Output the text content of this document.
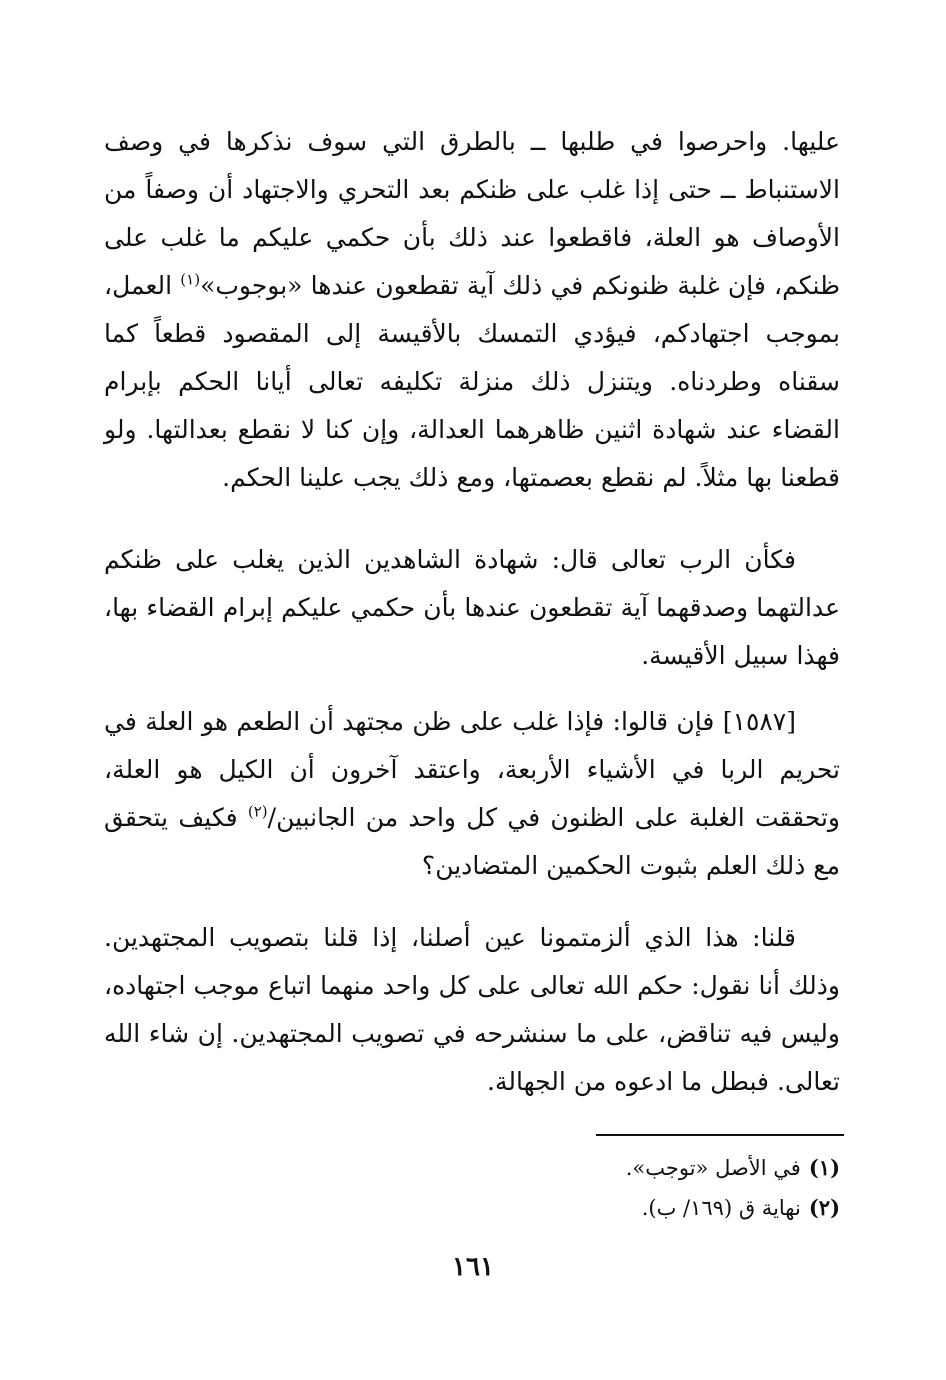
عليها. واحرصوا في طلبها ــ بالطرق التي سوف نذكرها في وصف الاستنباط ــ حتى إذا غلب على ظنكم بعد التحري والاجتهاد أن وصفاً من الأوصاف هو العلة، فاقطعوا عند ذلك بأن حكمي عليكم ما غلب على ظنكم، فإن غلبة ظنونكم في ذلك آية تقطعون عندها «بوجوب»$^{(١)}$ العمل، بموجب اجتهادكم، فيؤدي التمسك بالأقيسة إلى المقصود قطعاً كما سقناه وطردناه. ويتنزل ذلك منزلة تكليفه تعالى أيانا الحكم بإبرام القضاء عند شهادة اثنين ظاهرهما العدالة، وإن كنا لا نقطع بعدالتها. ولو قطعنا بها مثلاً. لم نقطع بعصمتها، ومع ذلك يجب علينا الحكم.
فكأن الرب تعالى قال: شهادة الشاهدين الذين يغلب على ظنكم عدالتهما وصدقهما آية تقطعون عندها بأن حكمي عليكم إبرام القضاء بها، فهذا سبيل الأقيسة.
[١٥٨٧] فإن قالوا: فإذا غلب على ظن مجتهد أن الطعم هو العلة في تحريم الربا في الأشياء الأربعة، واعتقد آخرون أن الكيل هو العلة، وتحققت الغلبة على الظنون في كل واحد من الجانبين/$^{(٢)}$ فكيف يتحقق مع ذلك العلم بثبوت الحكمين المتضادين؟
قلنا: هذا الذي ألزمتمونا عين أصلنا، إذا قلنا بتصويب المجتهدين. وذلك أنا نقول: حكم الله تعالى على كل واحد منهما اتباع موجب اجتهاده، وليس فيه تناقض، على ما سنشرحه في تصويب المجتهدين. إن شاء الله تعالى. فبطل ما ادعوه من الجهالة.
(١)في الأصل «توجب».
(٢)نهاية ق (١٦٩/ ب).
١٦١
